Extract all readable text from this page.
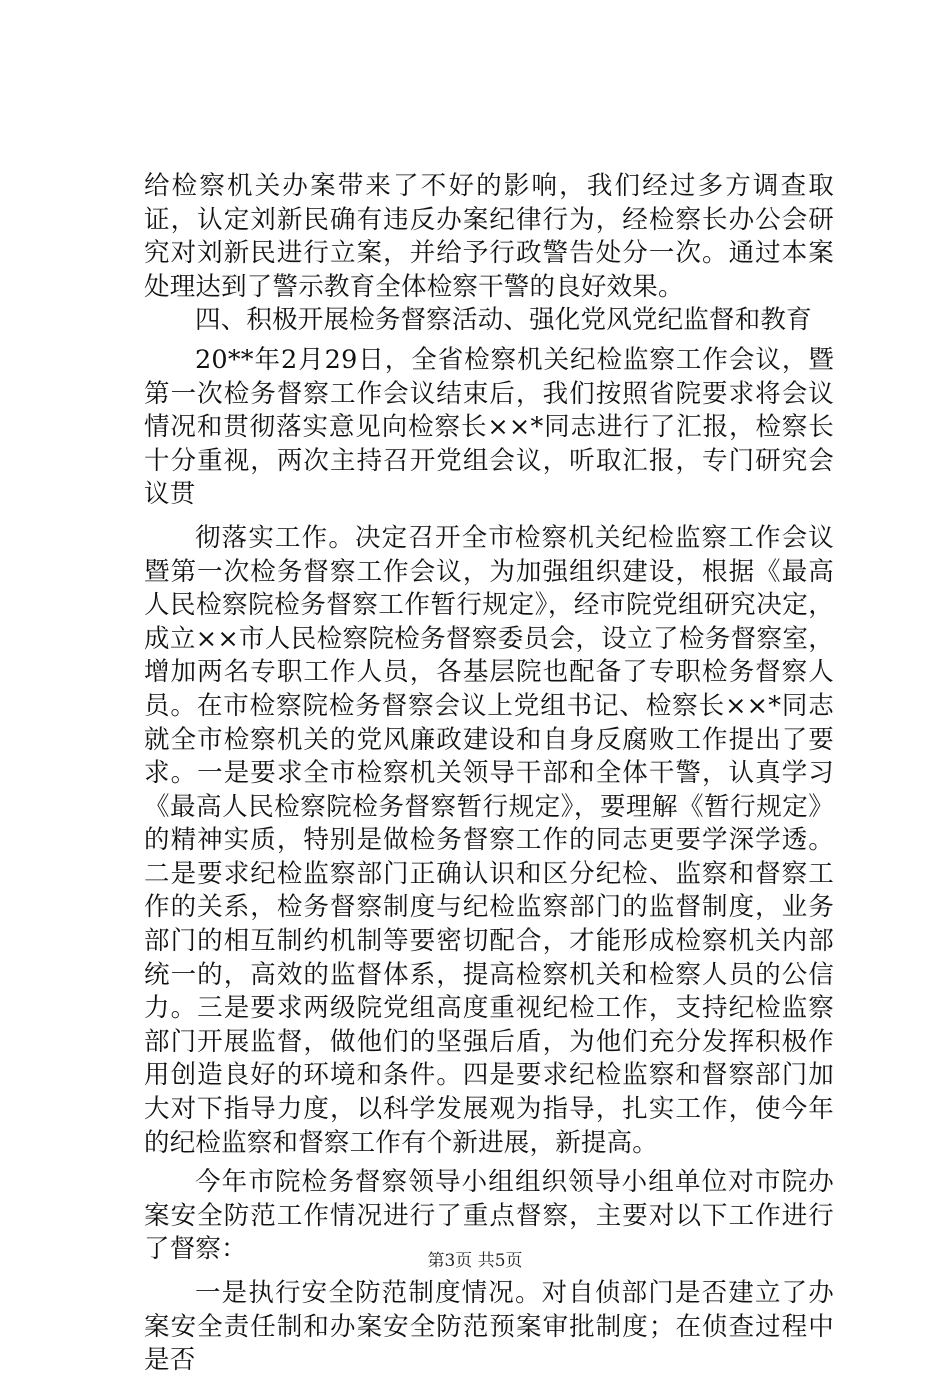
给检察机关办案带来了不好的影响，我们经过多方调查取证，认定刘新民确有违反办案纪律行为，经检察长办公会研究对刘新民进行立案，并给予行政警告处分一次。通过本案处理达到了警示教育全体检察干警的良好效果。

四、积极开展检务督察活动、强化党风党纪监督和教育

20**年2月29日，全省检察机关纪检监察工作会议，暨第一次检务督察工作会议结束后，我们按照省院要求将会议情况和贯彻落实意见向检察长××*同志进行了汇报，检察长十分重视，两次主持召开党组会议，听取汇报，专门研究会议贯

彻落实工作。决定召开全市检察机关纪检监察工作会议暨第一次检务督察工作会议，为加强组织建设，根据《最高人民检察院检务督察工作暂行规定》，经市院党组研究决定，成立××市人民检察院检务督察委员会，设立了检务督察室，增加两名专职工作人员，各基层院也配备了专职检务督察人员。在市检察院检务督察会议上党组书记、检察长××*同志就全市检察机关的党风廉政建设和自身反腐败工作提出了要求。一是要求全市检察机关领导干部和全体干警，认真学习《最高人民检察院检务督察暂行规定》，要理解《暂行规定》的精神实质，特别是做检务督察工作的同志更要学深学透。二是要求纪检监察部门正确认识和区分纪检、监察和督察工作的关系，检务督察制度与纪检监察部门的监督制度，业务部门的相互制约机制等要密切配合，才能形成检察机关内部统一的，高效的监督体系，提高检察机关和检察人员的公信力。三是要求两级院党组高度重视纪检工作，支持纪检监察部门开展监督，做他们的坚强后盾，为他们充分发挥积极作用创造良好的环境和条件。四是要求纪检监察和督察部门加大对下指导力度，以科学发展观为指导，扎实工作，使今年的纪检监察和督察工作有个新进展，新提高。

今年市院检务督察领导小组组织领导小组单位对市院办案安全防范工作情况进行了重点督察，主要对以下工作进行了督察：

一是执行安全防范制度情况。对自侦部门是否建立了办案安全责任制和办案安全防范预案审批制度；在侦查过程中是否

第3页 共5页
